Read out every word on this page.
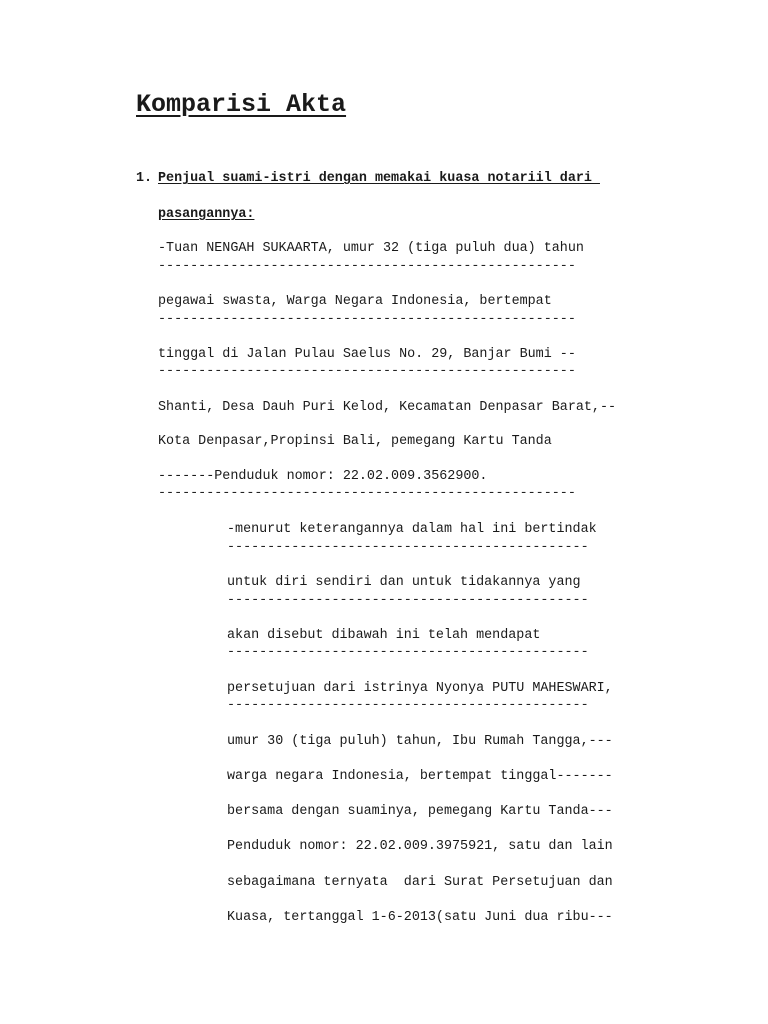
Komparisi Akta
1. Penjual suami-istri dengan memakai kuasa notariil dari
pasangannya:
-Tuan NENGAH SUKAARTA, umur 32 (tiga puluh dua) tahun
----------------------------------------------------
pegawai swasta, Warga Negara Indonesia, bertempat
----------------------------------------------------
tinggal di Jalan Pulau Saelus No. 29, Banjar Bumi --
----------------------------------------------------
Shanti, Desa Dauh Puri Kelod, Kecamatan Denpasar Barat,--
Kota Denpasar,Propinsi Bali, pemegang Kartu Tanda
-------Penduduk nomor: 22.02.009.3562900.
----------------------------------------------------
-menurut keterangannya dalam hal ini bertindak
---------------------------------------------
untuk diri sendiri dan untuk tidakannya yang
---------------------------------------------
akan disebut dibawah ini telah mendapat
---------------------------------------------
persetujuan dari istrinya Nyonya PUTU MAHESWARI,
---------------------------------------------
umur 30 (tiga puluh) tahun, Ibu Rumah Tangga,---
warga negara Indonesia, bertempat tinggal-------
bersama dengan suaminya, pemegang Kartu Tanda---
Penduduk nomor: 22.02.009.3975921, satu dan lain
sebagaimana ternyata  dari Surat Persetujuan dan
Kuasa, tertanggal 1-6-2013(satu Juni dua ribu---
